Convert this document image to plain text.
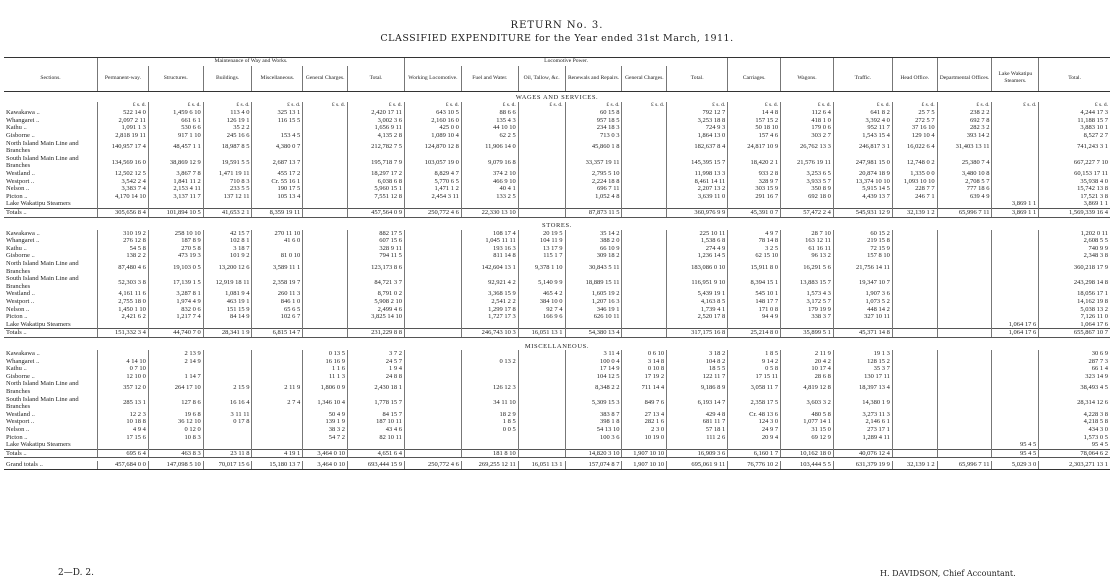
RETURN No. 3.
CLASSIFIED EXPENDITURE for the Year ended 31st March, 1911.
	Maintenance of Way and Works.						Locomotive Power.												
Sections.	Permanent-way.	Structures.	Buildings.	Miscellaneous.	General Charges.	Total.	Working Locomotive.	Fuel and Water.	Oil, Tallow, &c.	Renewals and Repairs.	General Charges.	Total.	Carriages.	Wagons.	Traffic.	Head Office.	Departmental Offices.	Lake Wakatipu Steamers.	Total.
WAGES AND SERVICES.																			
	£ s. d.	£ s. d.	£ s. d.	£ s. d.	£ s. d.	£ s. d.	£ s. d.	£ s. d.	£ s. d.	£ s. d.	£ s. d.	£ s. d.	£ s. d.	£ s. d.	£ s. d.	£ s. d.	£ s. d.	£ s. d.	£ s. d.
Kawakawa ..	522 14 0	1,459 6 10	113 4 0	325 13 1		2,420 17 11	643 10 5	88 6 6		60 15 8		792 12 7	14 4 8	112 6 4	641 8 2	25 7 5	238 2 2		4,244 17 3
Whangarei ..	2,097 2 11	661 6 1	126 19 1	116 15 5		3,002 3 6	2,160 16 0	135 4 3		957 18 5		3,253 18 8	157 15 2	418 1 0	3,392 4 0	272 5 7	692 7 8		11,188 15 7
Kaihu ..	1,091 1 3	530 6 6	35 2 2			1,656 9 11	425 0 0	44 10 10		234 18 3		724 9 3	50 18 10	179 0 6	952 11 7	37 16 10	282 3 2		3,883 10 1
Gisborne ..	2,818 19 11	917 1 10	245 16 6	153 4 5		4,135 2 8	1,089 10 4	62 2 5		713 0 3		1,864 13 0	157 4 6	303 2 7	1,543 15 4	129 10 4	393 14 2		8,527 2 7
North Island Main Line and Branches	140,957 17 4	48,457 1 1	18,987 8 5	4,380 0 7		212,782 7 5	124,870 12 8	11,906 14 0		45,860 1 8		182,637 8 4	24,817 10 9	26,762 13 3	246,817 3 1	16,022 6 4	31,403 13 11		741,243 3 1
South Island Main Line and Branches	134,569 16 0	38,869 12 9	19,591 5 5	2,687 13 7		195,718 7 9	103,057 19 0	9,079 16 8		33,357 19 11		145,395 15 7	18,420 2 1	21,576 19 11	247,981 15 0	12,748 0 2	25,380 7 4		667,227 7 10
Westland ..	12,502 12 5	3,867 7 8	1,471 19 11	455 17 2		18,297 17 2	8,829 4 7	374 2 10		2,795 5 10		11,998 13 3	933 2 8	3,253 6 5	20,874 18 9	1,335 0 0	3,480 10 8		60,153 17 11
Westport ..	3,542 2 4	1,841 11 2	710 8 3	Cr. 55 16 1		6,038 6 8	5,770 6 5	466 9 10		2,224 18 8		8,461 14 11	328 9 7	3,933 5 7	13,374 10 10	1,093 10 10	2,708 5 7		35,938 4 0
Nelson ..	3,383 7 4	2,153 4 11	233 5 5	190 17 5		5,960 15 1	1,471 1 2	40 4 1		696 7 11		2,207 13 2	303 15 9	350 8 9	5,915 14 5	228 7 7	777 18 6		15,742 13 8
Picton ..	4,170 14 10	3,137 11 7	137 12 11	105 13 4		7,551 12 8	2,454 3 11	133 2 5		1,052 4 8		3,639 11 0	291 16 7	692 18 0	4,439 13 7	246 7 1	639 4 9		17,521 3 8
Lake Wakatipu Steamers																		3,869 1 1	3,869 1 1
Totals ..	305,656 8 4	101,894 10 5	41,653 2 1	8,359 19 11		457,564 0 9	250,772 4 6	22,330 13 10		87,873 11 5		360,976 9 9	45,391 0 7	57,472 2 4	545,931 12 9	32,139 1 2	65,996 7 11	3,869 1 1	1,569,339 16 4

STORES.																			
Kawakawa ..	310 19 2	258 10 10	42 15 7	270 11 10		882 17 5		108 17 4	20 19 5	35 14 2		225 10 11	4 9 7	28 7 10	60 15 2				1,202 0 11
Whangarei ..	276 12 8	187 8 9	102 8 1	41 6 0		607 15 6		1,045 11 11	104 11 9	388 2 0		1,538 6 8	78 14 8	163 12 11	219 15 8				2,608 5 5
Kaihu ..	54 5 8	270 5 8	3 18 7			328 9 11		193 16 3	13 17 9	66 10 9		274 4 9	3 2 5	61 16 11	72 15 9				740 9 9
Gisborne ..	138 2 2	473 19 3	101 9 2	81 0 10		794 11 5		811 14 8	115 1 7	309 18 2		1,236 14 5	62 15 10	96 13 2	157 8 10				2,348 3 8
North Island Main Line and Branches	87,480 4 6	19,103 0 5	13,200 12 6	3,589 11 1		123,173 8 6		142,604 13 1	9,378 1 10	30,843 5 11		183,086 0 10	15,911 8 0	16,291 5 6	21,756 14 11				360,218 17 9
South Island Main Line and Branches	52,303 3 8	17,139 1 5	12,919 18 11	2,358 19 7		84,721 3 7		92,921 4 2	5,140 9 9	18,889 15 11		116,951 9 10	8,394 15 1	13,883 15 7	19,347 10 7				243,298 14 8
Westland ..	4,161 11 6	3,287 8 1	1,081 9 4	260 11 3		8,791 0 2		3,368 15 9	465 4 2	1,605 19 2		5,439 19 1	545 10 1	1,573 4 3	1,907 3 6				18,056 17 1
Westport ..	2,755 18 0	1,974 4 9	463 19 1	846 1 0		5,908 2 10		2,541 2 2	384 10 0	1,207 16 3		4,163 8 5	148 17 7	3,172 5 7	1,073 5 2				14,162 19 8
Nelson ..	1,450 1 10	832 0 6	151 15 9	65 6 5		2,499 4 6		1,299 17 8	92 7 4	346 19 1		1,739 4 1	171 0 8	179 19 9	448 14 2				5,038 13 2
Picton ..	2,421 6 2	1,217 7 4	84 14 9	102 6 7		3,825 14 10		1,727 17 3	166 9 6	626 10 11		2,520 17 8	94 4 9	338 3 7	327 10 11				7,126 11 0
Lake Wakatipu Steamers																		1,064 17 6	1,064 17 6
Totals ..	151,332 3 4	44,740 7 0	28,341 1 9	6,815 14 7		231,229 8 8		246,743 10 3	16,051 13 1	54,380 13 4		317,175 16 8	25,214 8 0	35,899 5 1	45,371 14 8			1,064 17 6	655,867 10 7

MISCELLANEOUS.																			
Kawakawa ..		2 13 9			0 13 5	3 7 2				3 11 4	0 6 10	3 18 2	1 8 5	2 11 9	19 1 3				30 6 9
Whangarei ..	4 14 10	2 14 9			16 16 9	24 5 7		0 13 2		100 0 4	3 14 8	104 8 2	9 14 2	20 4 2	128 15 2				287 7 3
Kaihu ..	0 7 10				1 1 6	1 9 4				17 14 9	0 10 8	18 5 5	0 5 8	10 17 4	35 3 7				66 1 4
Gisborne ..	12 10 0	1 14 7			11 1 3	24 8 8				104 12 5	17 19 2	122 11 7	17 15 11	28 6 8	130 17 11				323 14 9
North Island Main Line and Branches	357 12 0	264 17 10	2 15 9	2 11 9	1,806 0 9	2,430 18 1		126 12 3		8,348 2 2	711 14 4	9,186 8 9	3,058 11 7	4,819 12 8	18,397 13 4				38,493 4 5
South Island Main Line and Branches	285 13 1	127 8 6	16 16 4	2 7 4	1,346 10 4	1,778 15 7		34 11 10		5,309 15 3	849 7 6	6,193 14 7	2,358 17 5	3,603 3 2	14,380 1 9				28,314 12 6
Westland ..	12 2 3	19 6 8	3 11 11		50 4 9	84 15 7		18 2 9		383 8 7	27 13 4	429 4 8	Cr. 48 13 6	480 5 8	3,273 11 3				4,228 3 8
Westport ..	10 18 8	36 12 10	0 17 8		139 1 9	187 10 11		1 8 5		398 1 8	282 1 6	681 11 7	124 3 0	1,077 14 1	2,146 6 1				4,218 5 8
Nelson ..	4 9 4	0 12 0			38 3 2	43 4 6		0 0 5		54 13 10	2 3 0	57 18 1	24 9 7	31 15 0	273 17 1				434 3 0
Picton ..	17 15 6	10 8 3			54 7 2	82 10 11				100 3 6	10 19 0	111 2 6	20 9 4	69 12 9	1,289 4 11				1,573 0 5
Lake Wakatipu Steamers																		95 4 5	95 4 5
Totals ..	695 6 4	463 8 3	23 11 8	4 19 1	3,464 0 10	4,651 6 4		181 8 10		14,820 3 10	1,907 10 10	16,909 3 6	6,160 1 7	10,162 18 0	40,076 12 4			95 4 5	78,064 6 2

Grand totals ..	457,684 0 0	147,098 5 10	70,017 15 6	15,180 13 7	3,464 0 10	693,444 15 9	250,772 4 6	269,255 12 11	16,051 13 1	157,074 8 7	1,907 10 10	695,061 9 11	76,776 10 2	103,444 5 5	631,379 19 9	32,139 1 2	65,996 7 11	5,029 3 0	2,303,271 13 1
2—D. 2.	H. DAVIDSON, Chief Accountant.
